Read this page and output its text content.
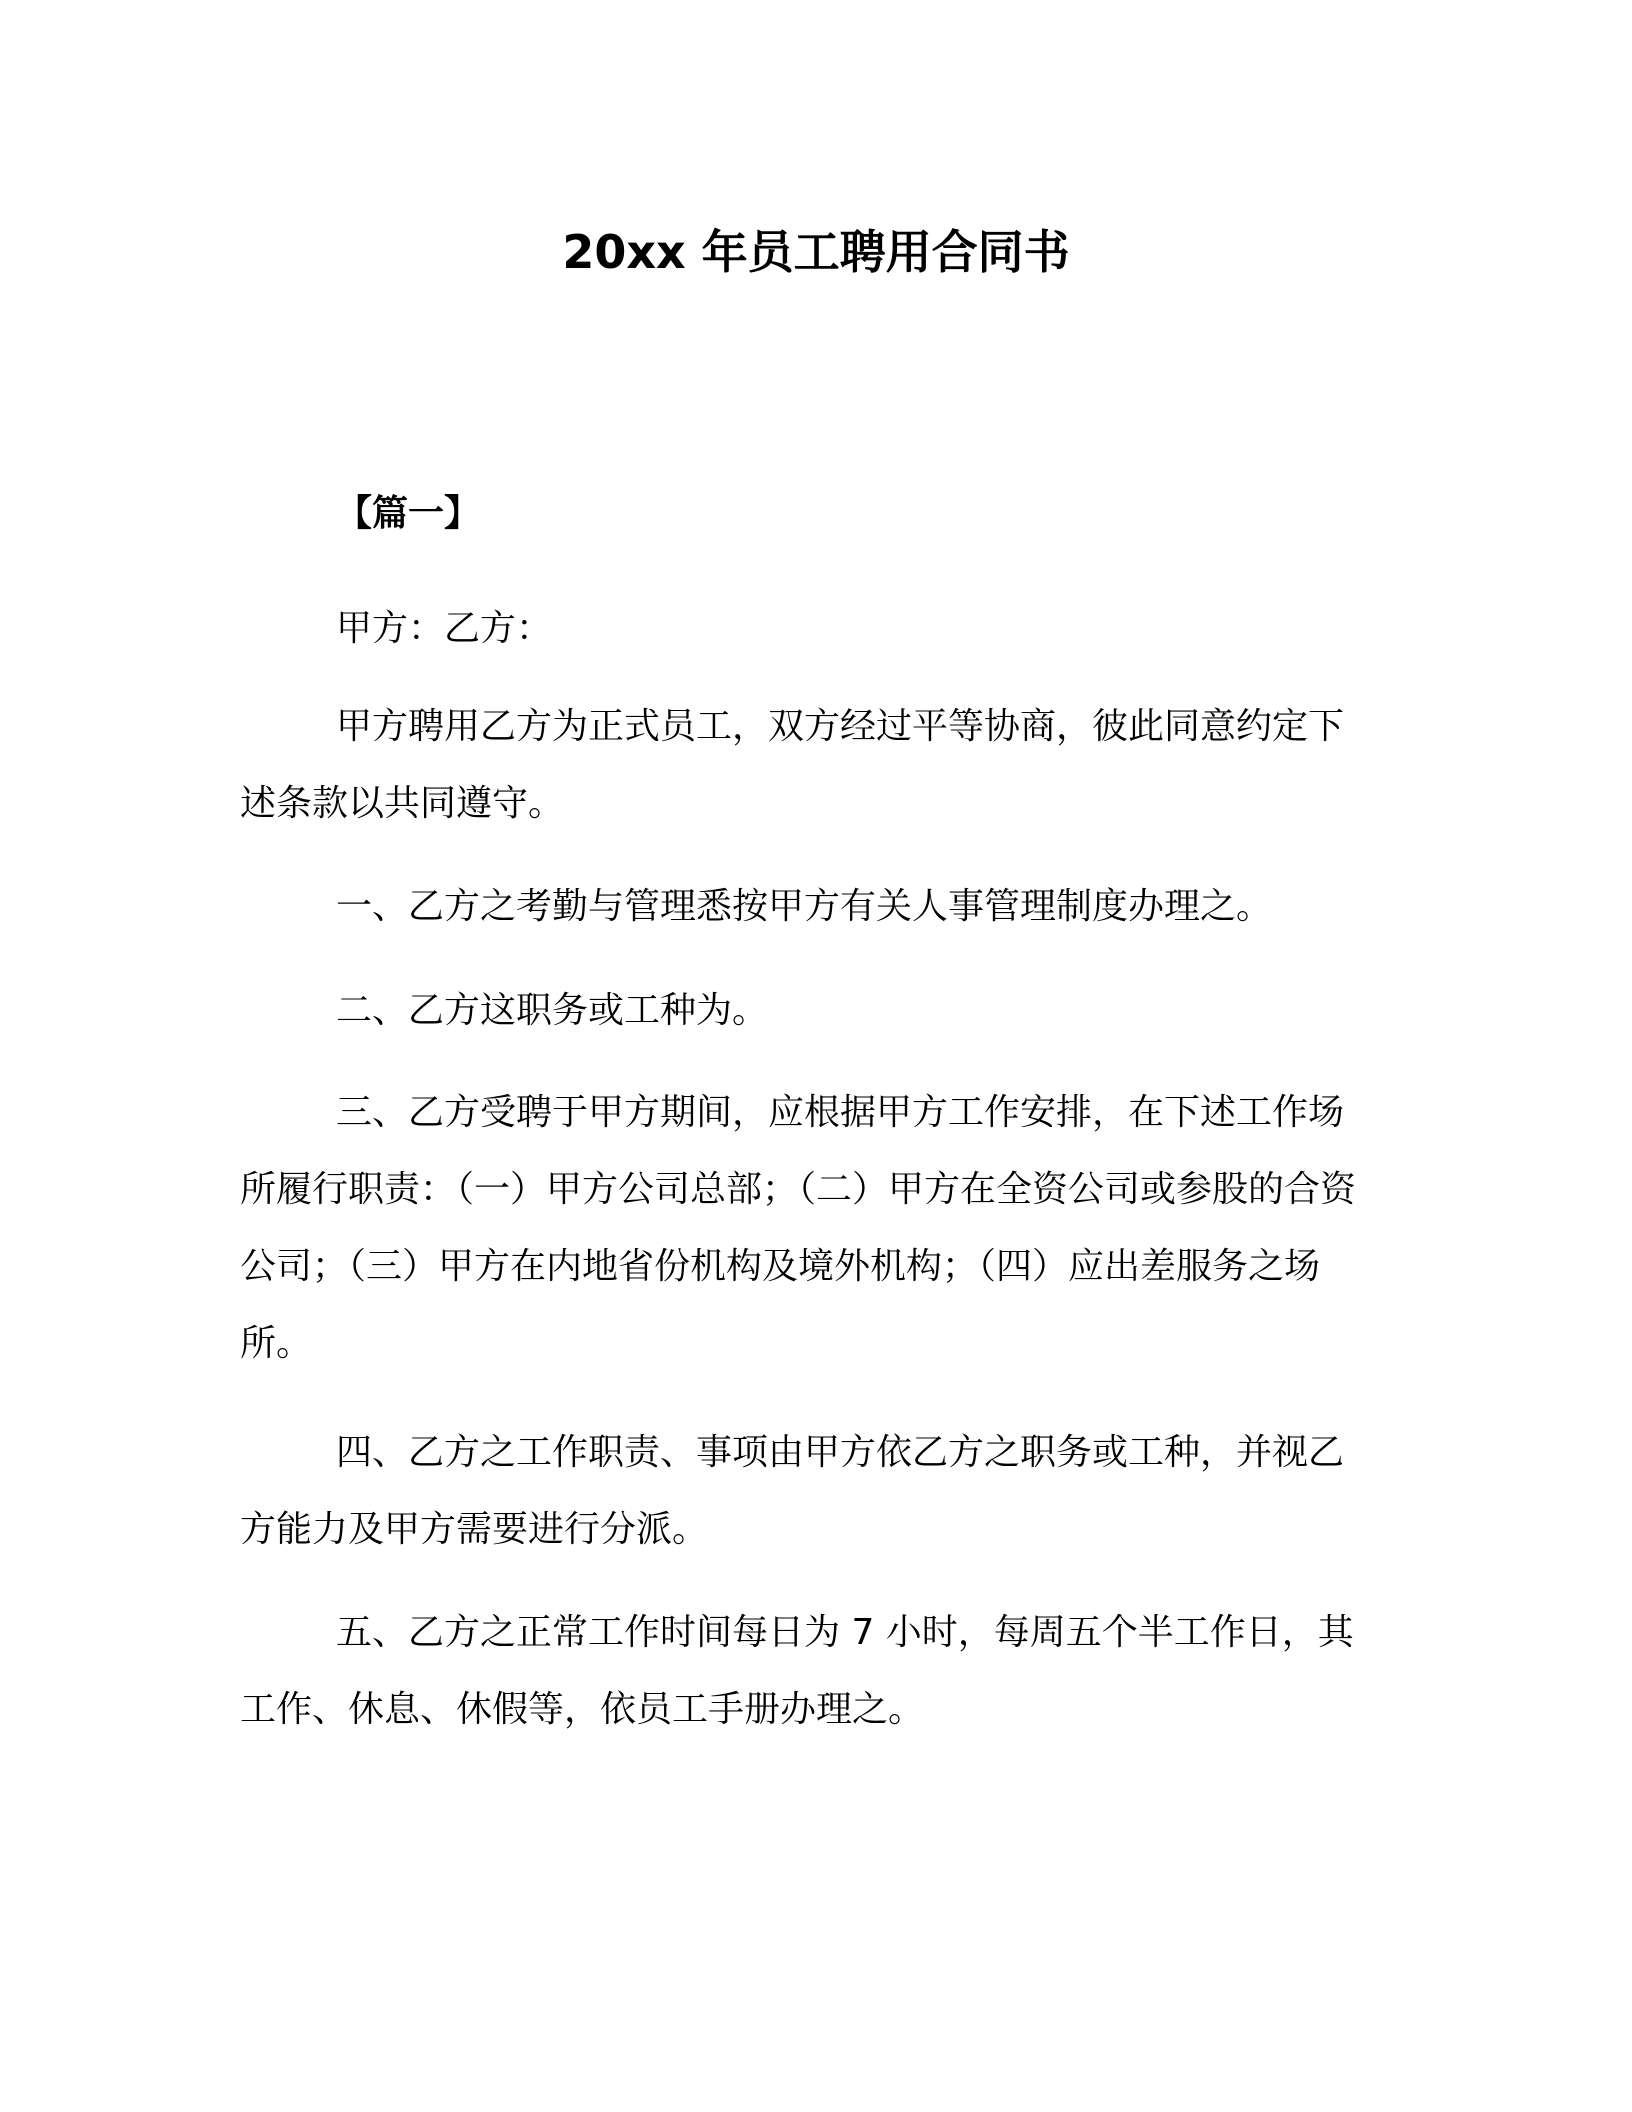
20xx 年员工聘用合同书
【篇一】

甲方：乙方：

甲方聘用乙方为正式员工，双方经过平等协商，彼此同意约定下述条款以共同遵守。

一、乙方之考勤与管理悉按甲方有关人事管理制度办理之。

二、乙方这职务或工种为。

三、乙方受聘于甲方期间，应根据甲方工作安排，在下述工作场所履行职责：（一）甲方公司总部；（二）甲方在全资公司或参股的合资公司；（三）甲方在内地省份机构及境外机构；（四）应出差服务之场所。

四、乙方之工作职责、事项由甲方依乙方之职务或工种，并视乙方能力及甲方需要进行分派。

五、乙方之正常工作时间每日为 7 小时，每周五个半工作日，其工作、休息、休假等，依员工手册办理之。
